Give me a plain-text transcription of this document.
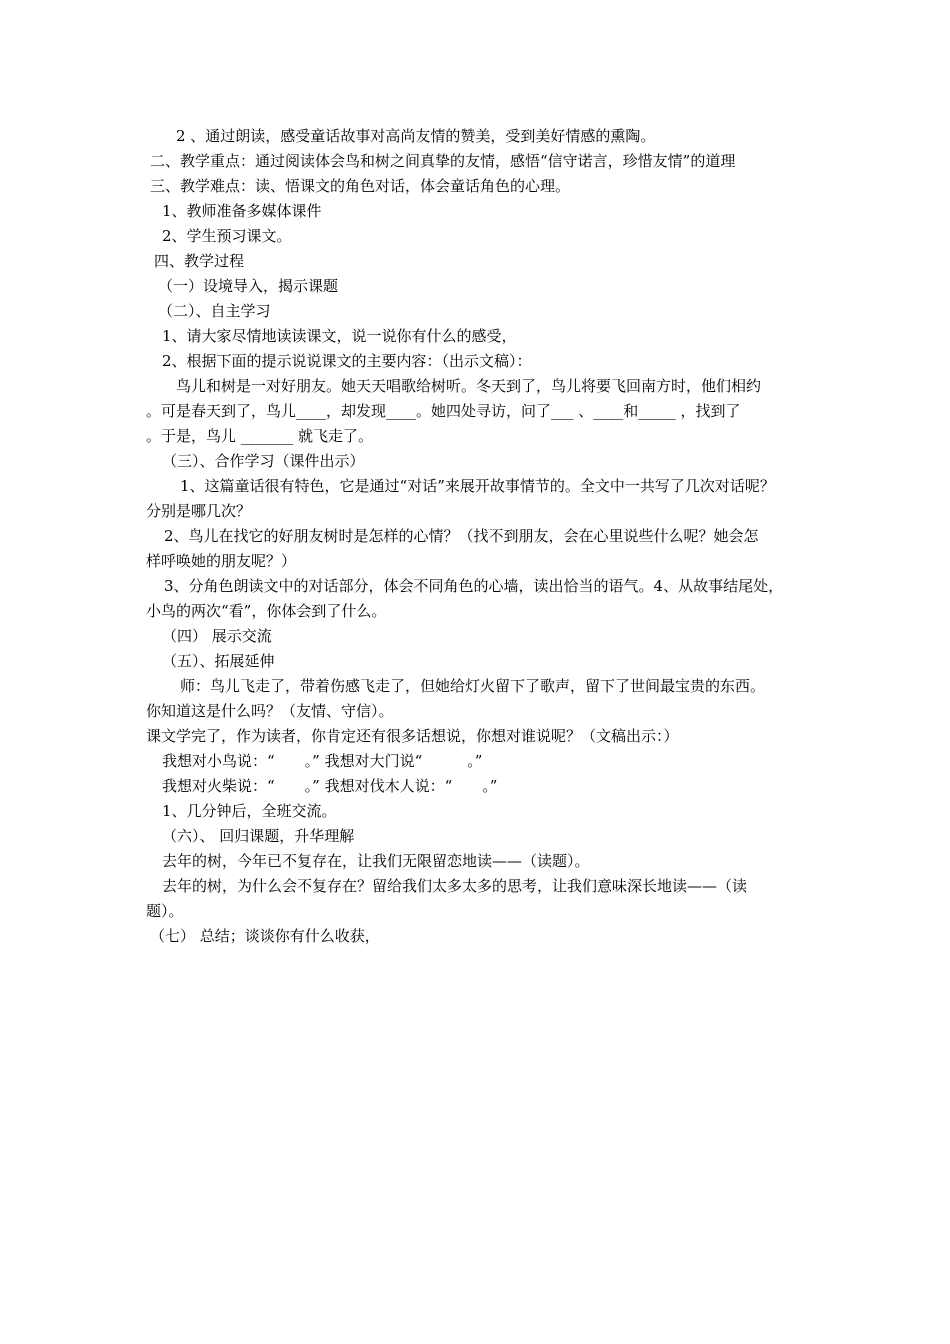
2 、通过朗读，感受童话故事对高尚友情的赞美，受到美好情感的熏陶。
二、教学重点：通过阅读体会鸟和树之间真挚的友情，感悟“信守诺言，珍惜友情”的道理
三、教学难点：读、悟课文的角色对话，体会童话角色的心理。
1、教师准备多媒体课件
2、学生预习课文。
四、教学过程
（一）设境导入，揭示课题
（二）、自主学习
1、请大家尽情地读读课文，说一说你有什么的感受，
2、根据下面的提示说说课文的主要内容：（出示文稿）：
鸟儿和树是一对好朋友。她天天唱歌给树听。冬天到了，鸟儿将要飞回南方时，他们相约
。可是春天到了，鸟儿____，却发现____。她四处寻访，问了___ 、____和_____ ，找到了
。于是，鸟儿 _______ 就飞走了。
（三）、合作学习（课件出示）
1、这篇童话很有特色，它是通过“对话”来展开故事情节的。全文中一共写了几次对话呢？
分别是哪几次？
2、鸟儿在找它的好朋友树时是怎样的心情？（找不到朋友，会在心里说些什么呢？她会怎
样呼唤她的朋友呢？）
3、分角色朗读文中的对话部分，体会不同角色的心墙，读出恰当的语气。4、从故事结尾处，
小鸟的两次“看”，你体会到了什么。
（四） 展示交流
（五）、拓展延伸
师：鸟儿飞走了，带着伤感飞走了，但她给灯火留下了歌声，留下了世间最宝贵的东西。
你知道这是什么吗？（友情、守信）。
课文学完了，作为读者，你肯定还有很多话想说，你想对谁说呢？（文稿出示：）
我想对小鸟说：“　　。” 我想对大门说“　　　。”
我想对火柴说：“　　。” 我想对伐木人说：“　　。”
1、几分钟后，全班交流。
（六）、 回归课题，升华理解
去年的树，今年已不复存在，让我们无限留恋地读——（读题）。
去年的树，为什么会不复存在？留给我们太多太多的思考，让我们意味深长地读——（读
题）。
（七） 总结；谈谈你有什么收获，
